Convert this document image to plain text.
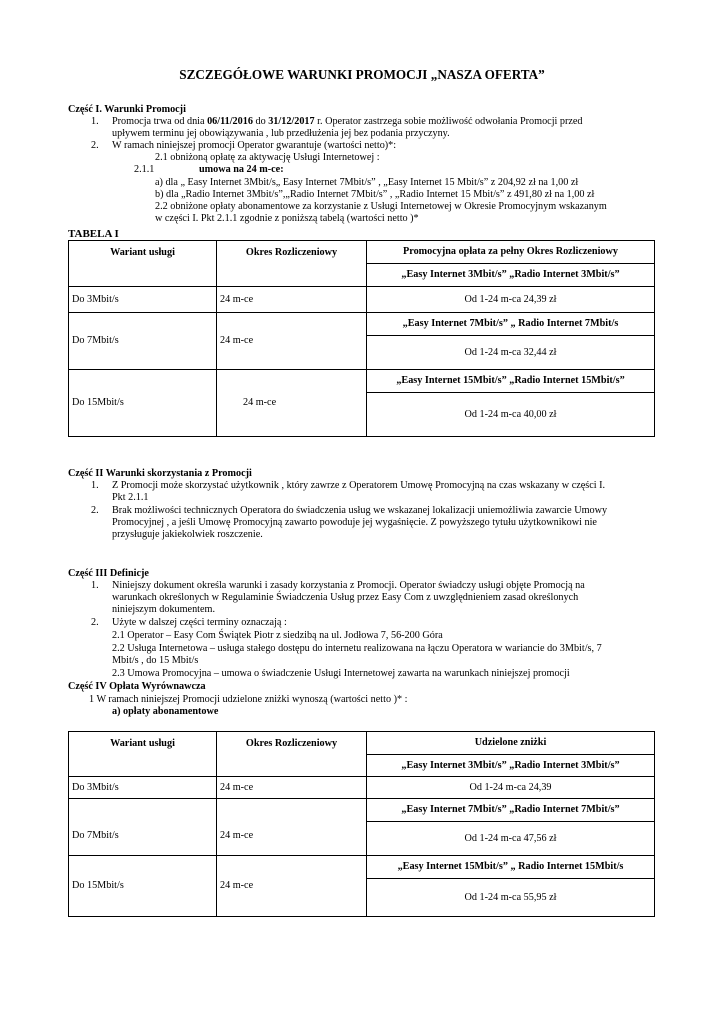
SZCZEGÓŁOWE WARUNKI PROMOCJI „NASZA OFERTA”
Część I. Warunki Promocji
1. Promocja trwa od dnia 06/11/2016 do 31/12/2017 r. Operator zastrzega sobie możliwość odwołania Promocji przed
upływem terminu jej obowiązywania , lub przedłużenia jej bez podania przyczyny.
2. W ramach niniejszej promocji Operator gwarantuje (wartości netto)*:
2.1 obniżoną opłatę za aktywację Usługi Internetowej :
2.1.1	umowa na 24 m-ce:
a) dla „ Easy Internet 3Mbit/s„ Easy Internet 7Mbit/s” , „Easy Internet 15 Mbit/s” z 204,92 zł na 1,00 zł
b) dla „Radio Internet 3Mbit/s”,„Radio Internet 7Mbit/s” , „Radio Internet 15 Mbit/s” z 491,80 zł na 1,00 zł
2.2 obniżone opłaty abonamentowe za korzystanie z Usługi Internetowej w Okresie Promocyjnym wskazanym
w części I. Pkt 2.1.1 zgodnie z poniższą tabelą (wartości netto )*
TABELA I
Wariant usługi	Okres Rozliczeniowy	Promocyjna opłata za pełny Okres Rozliczeniowy
„Easy Internet 3Mbit/s” „Radio Internet 3Mbit/s”

Do 3Mbit/s	24 m-ce	Od 1-24 m-ca 24,39 zł
Do 7Mbit/s	24 m-ce	„Easy Internet 7Mbit/s” „ Radio Internet 7Mbit/s
Od 1-24 m-ca 32,44 zł

Do 15Mbit/s	24 m-ce	„Easy Internet 15Mbit/s” „Radio Internet 15Mbit/s”
Od 1-24 m-ca 40,00 zł
Część II Warunki skorzystania z Promocji
1. Z Promocji może skorzystać użytkownik , który zawrze z Operatorem Umowę Promocyjną na czas wskazany w części I.
Pkt 2.1.1
2. Brak możliwości technicznych Operatora do świadczenia usług we wskazanej lokalizacji uniemożliwia zawarcie Umowy
Promocyjnej , a jeśli Umowę Promocyjną zawarto powoduje jej wygaśnięcie. Z powyższego tytułu użytkownikowi nie
przysługuje jakiekolwiek roszczenie.
Część III Definicje
1. Niniejszy dokument określa warunki i zasady korzystania z Promocji. Operator świadczy usługi objęte Promocją na
warunkach określonych w Regulaminie Świadczenia Usług przez Easy Com z uwzględnieniem zasad określonych
niniejszym dokumentem.
2. Użyte w dalszej części terminy oznaczają :
2.1 Operator – Easy Com Świątek Piotr z siedzibą na ul. Jodłowa 7, 56-200 Góra
2.2 Usługa Internetowa – usługa stałego dostępu do internetu realizowana na łączu Operatora w wariancie do 3Mbit/s, 7
Mbit/s , do 15 Mbit/s
2.3 Umowa Promocyjna – umowa o świadczenie Usługi Internetowej zawarta na warunkach niniejszej promocji
Część IV Opłata Wyrównawcza
1 W ramach niniejszej Promocji udzielone zniżki wynoszą (wartości netto )* :
a) opłaty abonamentowe
Wariant usługi	Okres Rozliczeniowy	Udzielone zniżki
„Easy Internet 3Mbit/s” „Radio Internet 3Mbit/s”

Do 3Mbit/s	24 m-ce	Od 1-24 m-ca 24,39
Do 7Mbit/s	24 m-ce	„Easy Internet 7Mbit/s” „Radio Internet 7Mbit/s”
Od 1-24 m-ca 47,56 zł

Do 15Mbit/s	24 m-ce	„Easy Internet 15Mbit/s” „ Radio Internet 15Mbit/s
Od 1-24 m-ca 55,95 zł
